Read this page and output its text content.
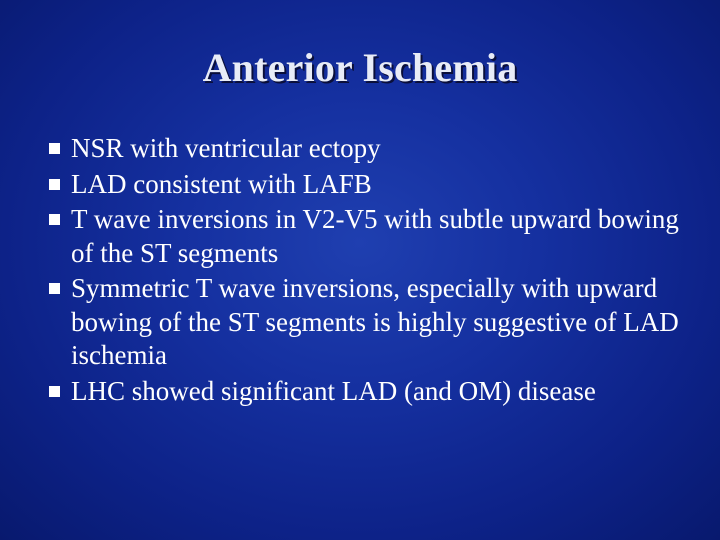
Anterior Ischemia
NSR with ventricular ectopy
LAD consistent with LAFB
T wave inversions in V2-V5 with subtle upward bowing of the ST segments
Symmetric T wave inversions, especially with upward bowing of the ST segments is highly suggestive of LAD ischemia
LHC showed significant LAD (and OM) disease
